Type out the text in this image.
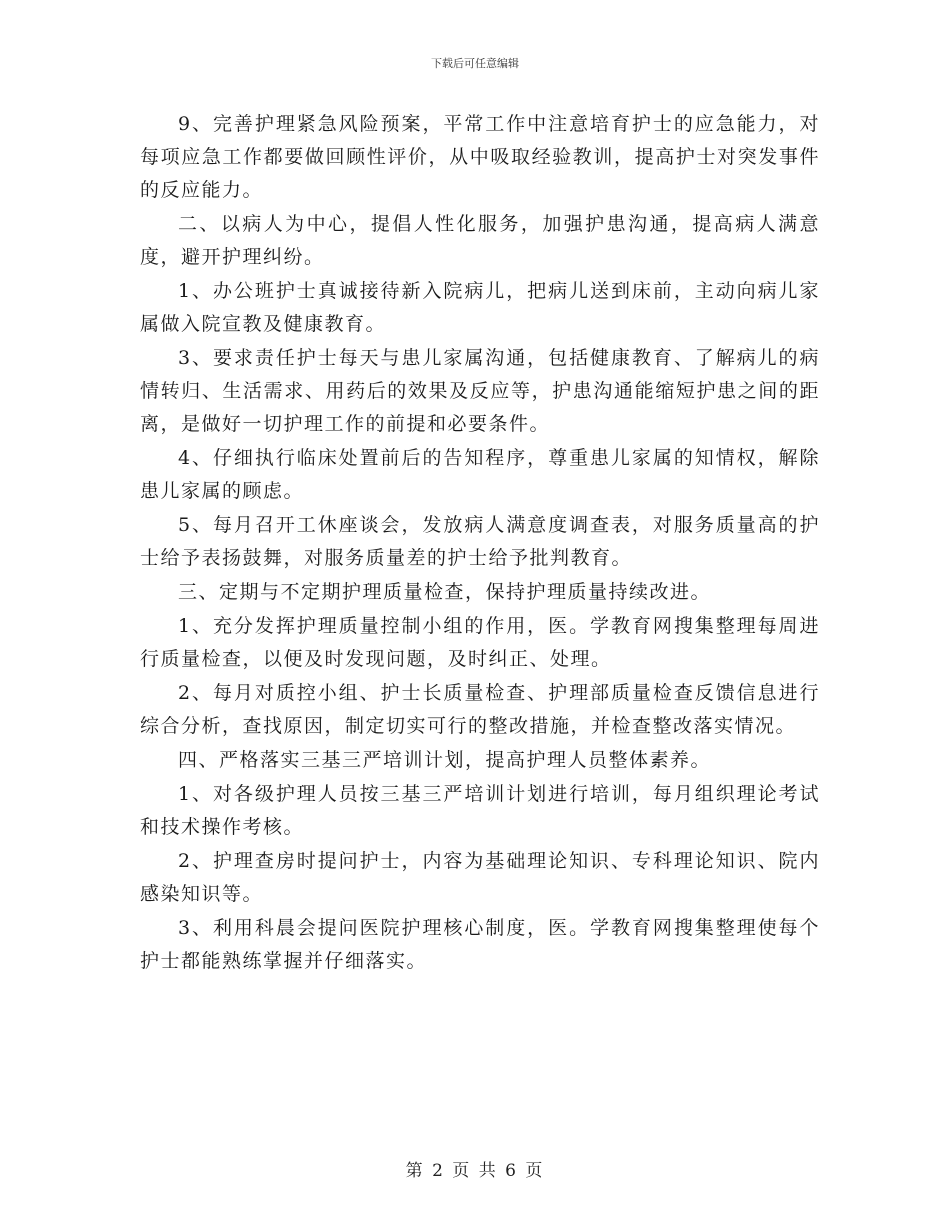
下载后可任意编辑

9、完善护理紧急风险预案，平常工作中注意培育护士的应急能力，对每项应急工作都要做回顾性评价，从中吸取经验教训，提高护士对突发事件的反应能力。

二、以病人为中心，提倡人性化服务，加强护患沟通，提高病人满意度，避开护理纠纷。

1、办公班护士真诚接待新入院病儿，把病儿送到床前，主动向病儿家属做入院宣教及健康教育。

3、要求责任护士每天与患儿家属沟通，包括健康教育、了解病儿的病情转归、生活需求、用药后的效果及反应等，护患沟通能缩短护患之间的距离，是做好一切护理工作的前提和必要条件。

4、仔细执行临床处置前后的告知程序，尊重患儿家属的知情权，解除患儿家属的顾虑。

5、每月召开工休座谈会，发放病人满意度调查表，对服务质量高的护士给予表扬鼓舞，对服务质量差的护士给予批判教育。

三、定期与不定期护理质量检查，保持护理质量持续改进。

1、充分发挥护理质量控制小组的作用，医。学教育网搜集整理每周进行质量检查，以便及时发现问题，及时纠正、处理。

2、每月对质控小组、护士长质量检查、护理部质量检查反馈信息进行综合分析，查找原因，制定切实可行的整改措施，并检查整改落实情况。

四、严格落实三基三严培训计划，提高护理人员整体素养。

1、对各级护理人员按三基三严培训计划进行培训，每月组织理论考试和技术操作考核。

2、护理查房时提问护士，内容为基础理论知识、专科理论知识、院内感染知识等。

3、利用科晨会提问医院护理核心制度，医。学教育网搜集整理使每个护士都能熟练掌握并仔细落实。

第 2 页 共 6 页
